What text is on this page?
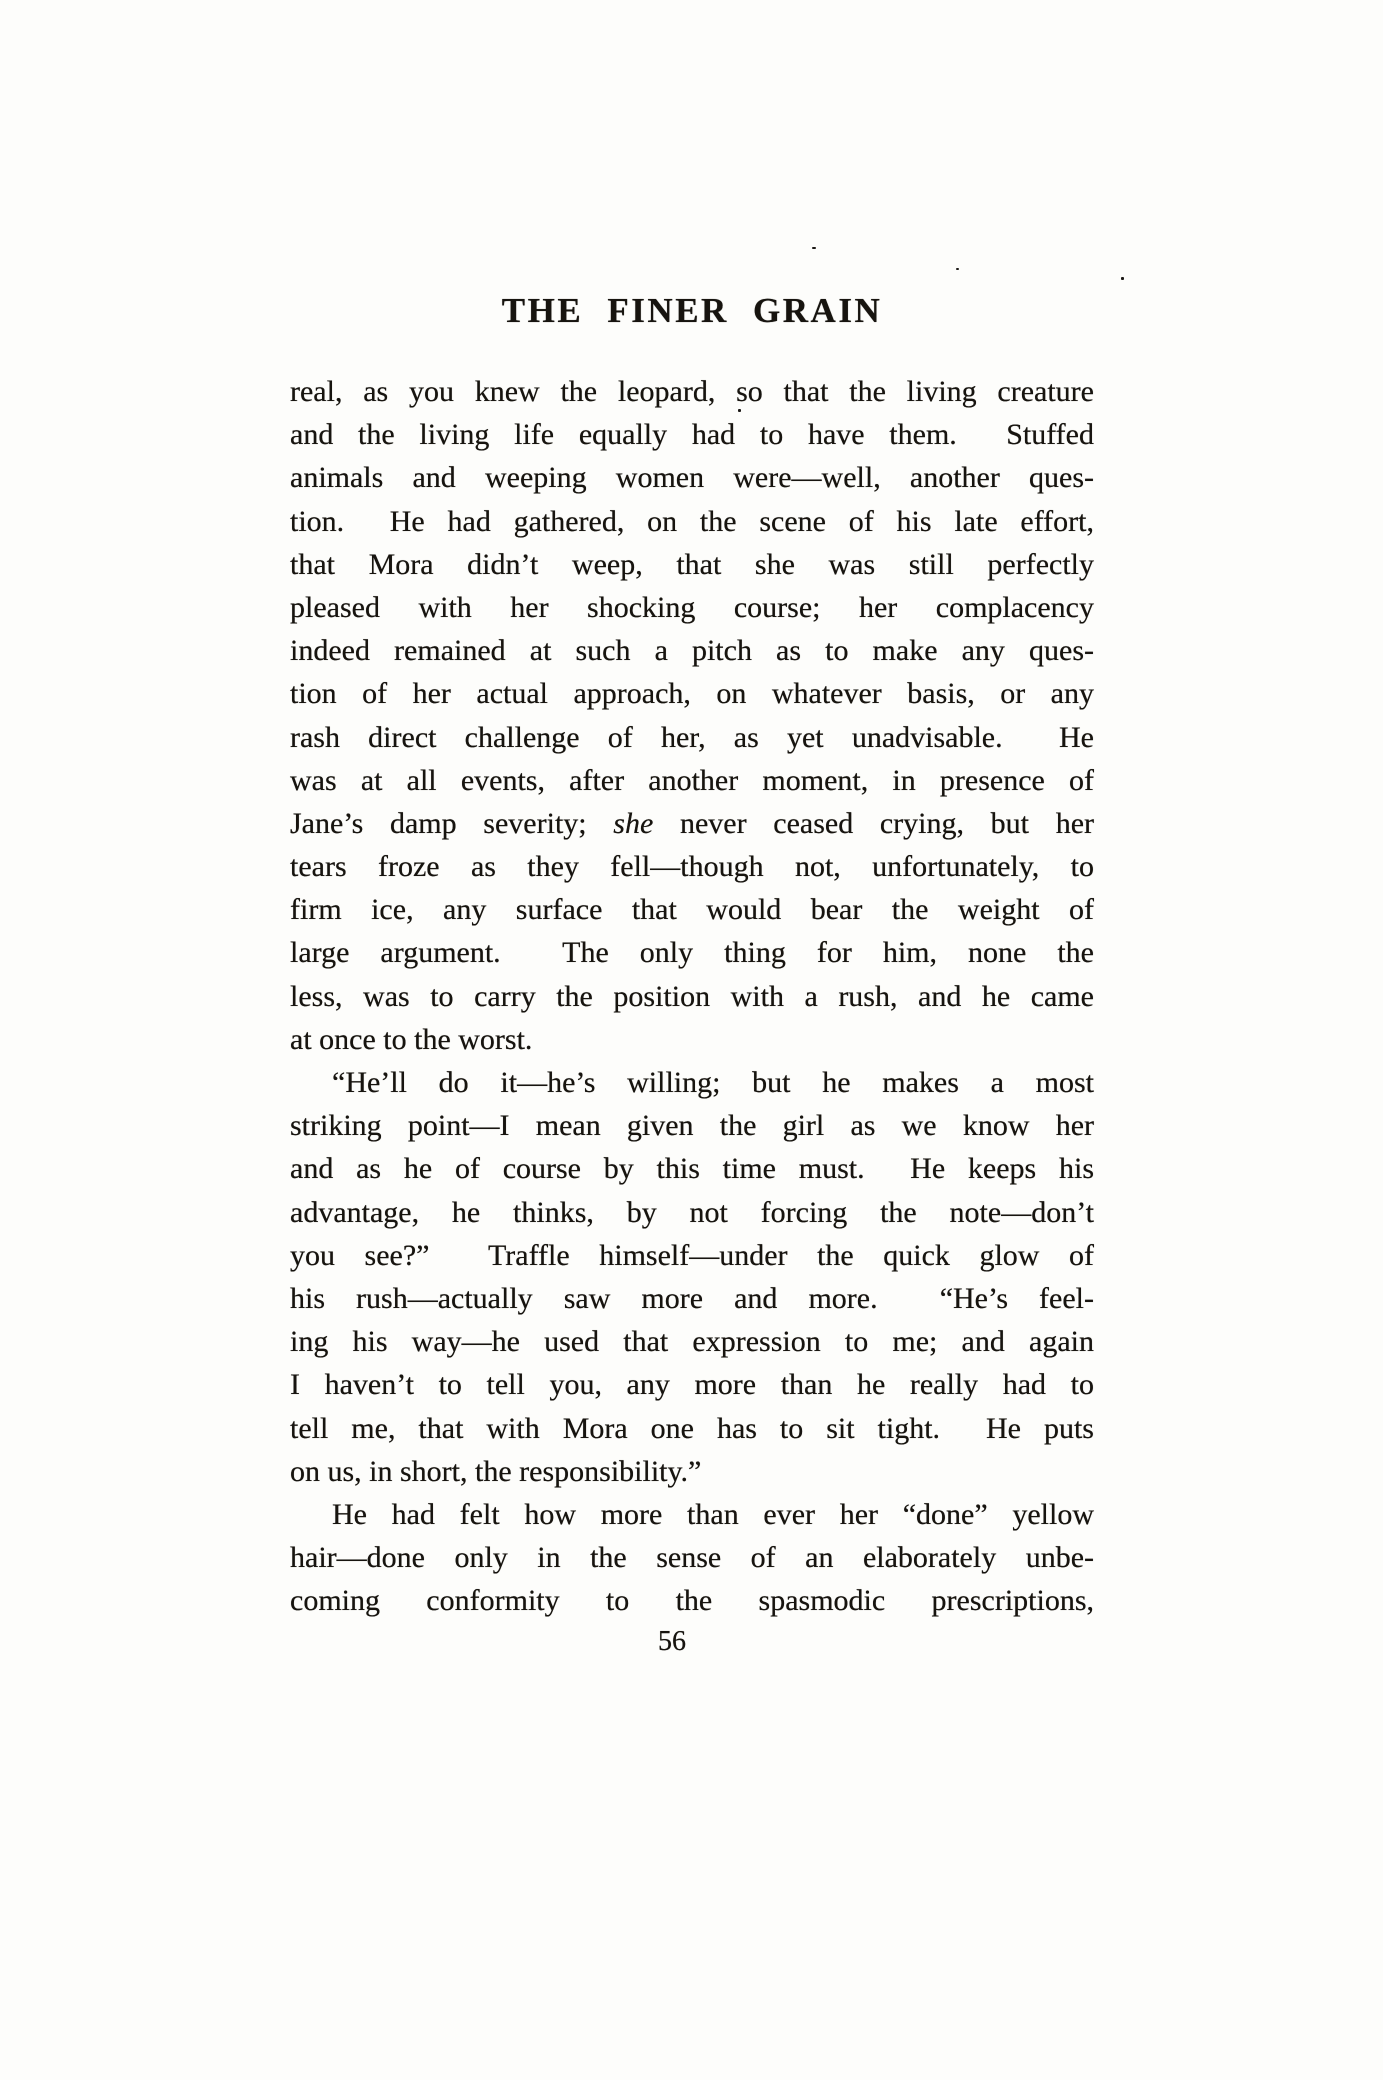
THE FINER GRAIN
real, as you knew the leopard, so that the living creature
and the living life equally had to have them.  Stuffed
animals and weeping women were—well, another ques-
tion.  He had gathered, on the scene of his late effort,
that Mora didn’t weep, that she was still perfectly
pleased with her shocking course; her complacency
indeed remained at such a pitch as to make any ques-
tion of her actual approach, on whatever basis, or any
rash direct challenge of her, as yet unadvisable.  He
was at all events, after another moment, in presence of
Jane’s damp severity; she never ceased crying, but her
tears froze as they fell—though not, unfortunately, to
firm ice, any surface that would bear the weight of
large argument.  The only thing for him, none the
less, was to carry the position with a rush, and he came
at once to the worst.
“He’ll do it—he’s willing; but he makes a most
striking point—I mean given the girl as we know her
and as he of course by this time must.  He keeps his
advantage, he thinks, by not forcing the note—don’t
you see?”  Traffle himself—under the quick glow of
his rush—actually saw more and more.  “He’s feel-
ing his way—he used that expression to me; and again
I haven’t to tell you, any more than he really had to
tell me, that with Mora one has to sit tight.  He puts
on us, in short, the responsibility.”
He had felt how more than ever her “done” yellow
hair—done only in the sense of an elaborately unbe-
coming conformity to the spasmodic prescriptions,
56
